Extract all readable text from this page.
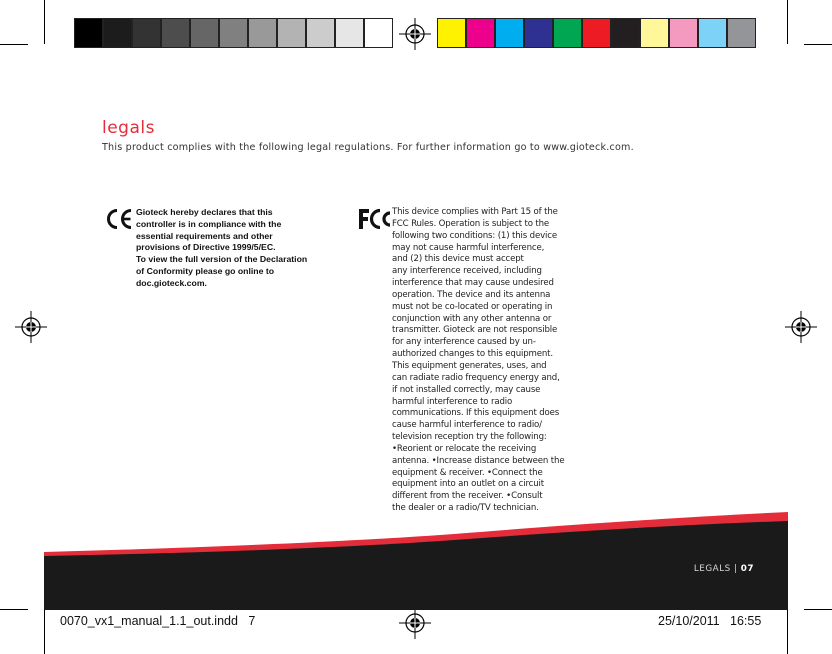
legals
This product complies with the following legal regulations. For further information go to www.gioteck.com.
Gioteck hereby declares that this
controller is in compliance with the
essential requirements and other
provisions of Directive 1999/5/EC.
To view the full version of the Declaration
of Conformity please go online to
doc.gioteck.com.
This device complies with Part 15 of the
FCC Rules. Operation is subject to the
following two conditions: (1) this device
may not cause harmful interference,
and (2) this device must accept
any interference received, including
interference that may cause undesired
operation. The device and its antenna
must not be co-located or operating in
conjunction with any other antenna or
transmitter. Gioteck are not responsible
for any interference caused by un-
authorized changes to this equipment.
This equipment generates, uses, and
can radiate radio frequency energy and,
if not installed correctly, may cause
harmful interference to radio
communications. If this equipment does
cause harmful interference to radio/
television reception try the following:
•Reorient or relocate the receiving
antenna. •Increase distance between the
equipment & receiver. •Connect the
equipment into an outlet on a circuit
different from the receiver. •Consult
the dealer or a radio/TV technician.
LEGALS | 07
0070_vx1_manual_1.1_out.indd   7	25/10/2011 16:55
